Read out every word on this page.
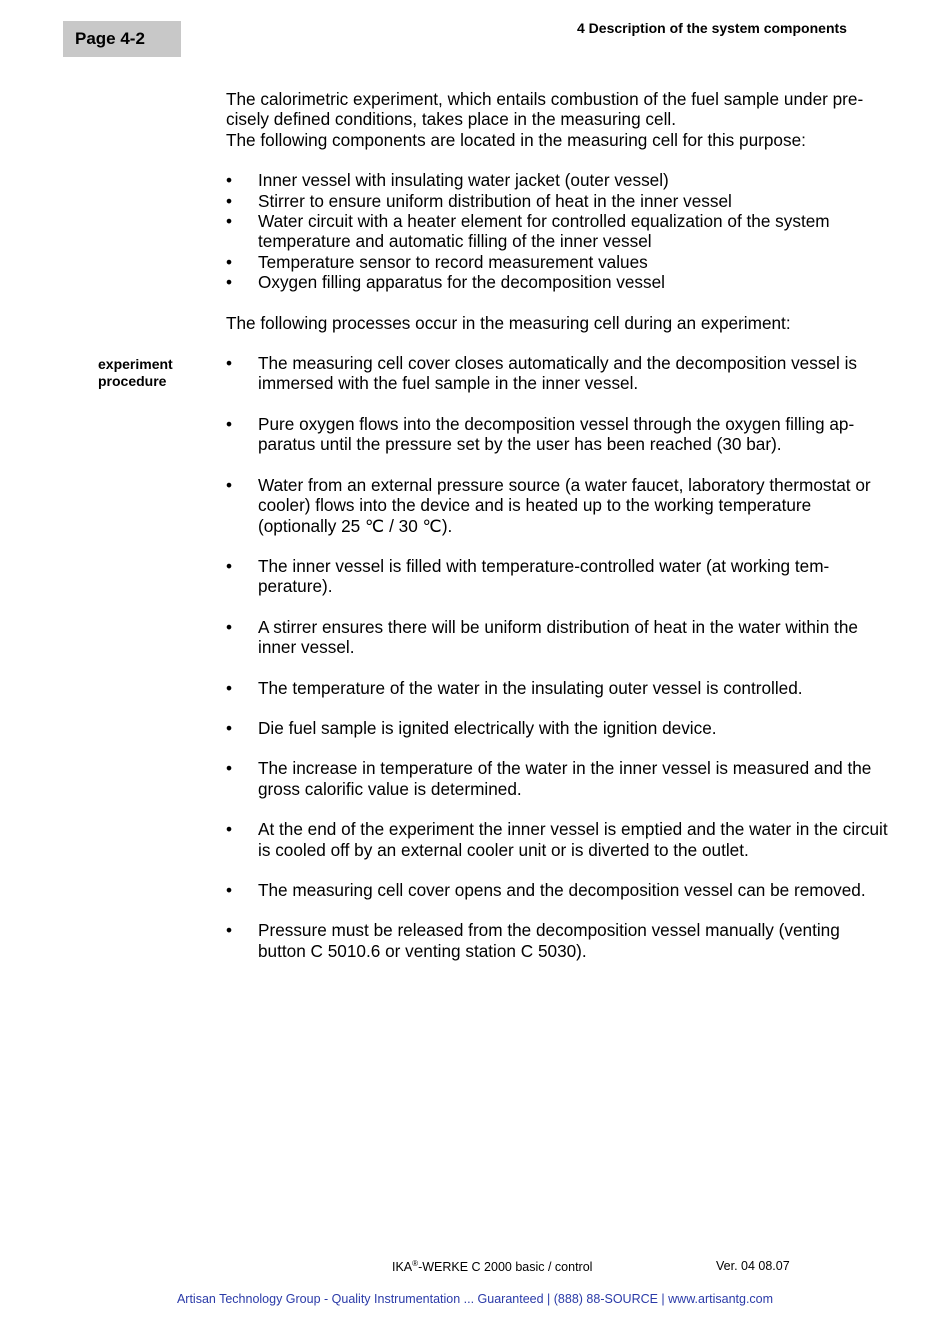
Page 4-2
4 Description of the system components
experiment
procedure

The calorimetric experiment, which entails combustion of the fuel sample under pre-
cisely defined conditions, takes place in the measuring cell.
The following components are located in the measuring cell for this purpose:

•	Inner vessel with insulating water jacket (outer vessel)
•	Stirrer to ensure uniform distribution of heat in the inner vessel
•	Water circuit with a heater element for controlled equalization of the system temperature and automatic filling of the inner vessel
•	Temperature sensor to record measurement values
•	Oxygen filling apparatus for the decomposition vessel

The following processes occur in the measuring cell during an experiment:

•	The measuring cell cover closes automatically and the decomposition vessel is immersed with the fuel sample in the inner vessel.
•	Pure oxygen flows into the decomposition vessel through the oxygen filling ap-paratus until the pressure set by the user has been reached (30 bar).
•	Water from an external pressure source (a water faucet, laboratory thermostat or cooler) flows into the device and is heated up to the working temperature (optionally 25 ℃ / 30 ℃).
•	The inner vessel is filled with temperature-controlled water (at working tem-perature).
•	A stirrer ensures there will be uniform distribution of heat in the water within the inner vessel.
•	The temperature of the water in the insulating outer vessel is controlled.
•	Die fuel sample is ignited electrically with the ignition device.
•	The increase in temperature of the water in the inner vessel is measured and the gross calorific value is determined.
•	At the end of the experiment the inner vessel is emptied and the water in the circuit is cooled off by an external cooler unit or is diverted to the outlet.
•	The measuring cell cover opens and the decomposition vessel can be removed.
•	Pressure must be released from the decomposition vessel manually (venting button C 5010.6 or venting station C 5030).
IKA®-WERKE C 2000 basic / control	Ver. 04 08.07
Artisan Technology Group - Quality Instrumentation ... Guaranteed | (888) 88-SOURCE | www.artisantg.com
